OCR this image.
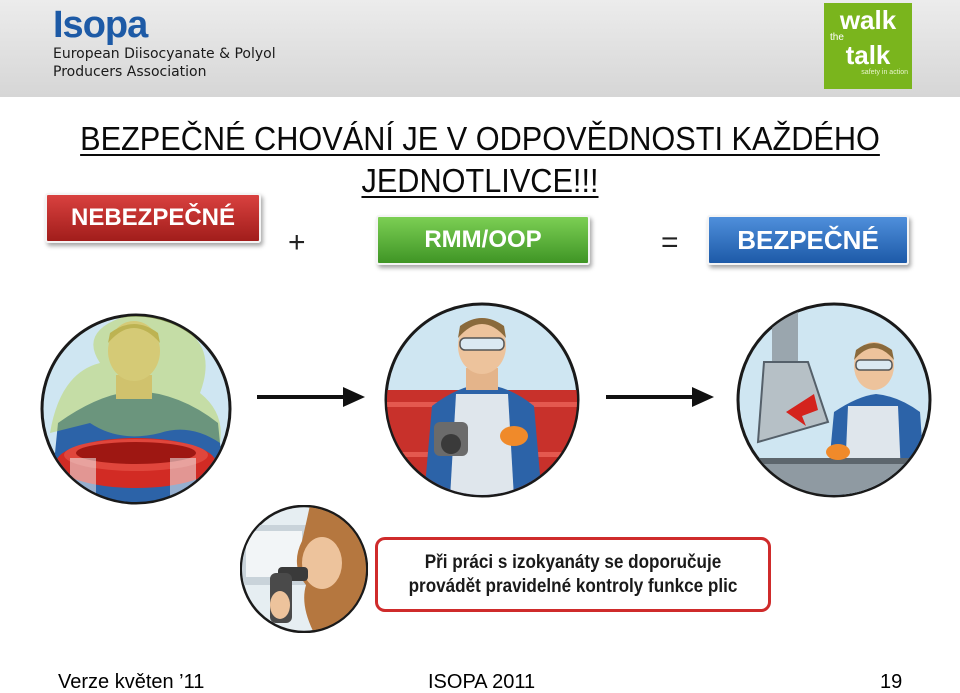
Isopa
European Diisocyanate & Polyol
Producers Association
walk
the
talk
safety in action
BEZPEČNÉ CHOVÁNÍ JE V ODPOVĚDNOSTI KAŽDÉHO JEDNOTLIVCE!!!
NEBEZPEČNÉ
+	RMM/OOP	=	BEZPEČNÉ
Při práci s izokyanáty se doporučuje
provádět pravidelné kontroly funkce plic
Verze květen ’11	ISOPA 2011	19
